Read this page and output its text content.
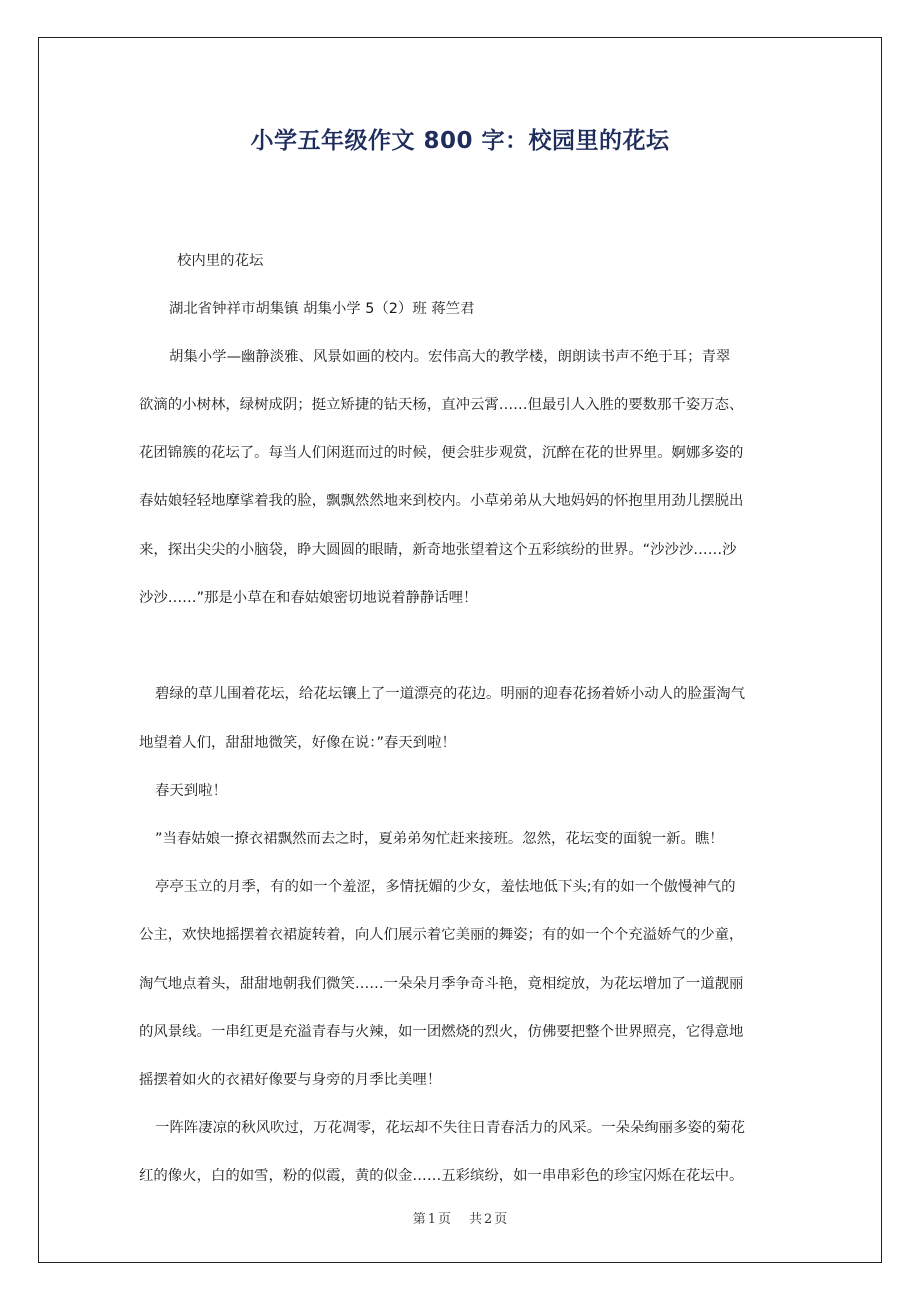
小学五年级作文 800 字：校园里的花坛
校内里的花坛
湖北省钟祥市胡集镇 胡集小学 5（2）班 蒋竺君
胡集小学—幽静淡雅、风景如画的校内。宏伟高大的教学楼，朗朗读书声不绝于耳；青翠
欲滴的小树林，绿树成阴；挺立矫捷的钻天杨，直冲云霄……但最引人入胜的要数那千姿万态、
花团锦簇的花坛了。每当人们闲逛而过的时候，便会驻步观赏，沉醉在花的世界里。婀娜多姿的
春姑娘轻轻地摩挲着我的脸，飘飘然然地来到校内。小草弟弟从大地妈妈的怀抱里用劲儿摆脱出
来，探出尖尖的小脑袋，睁大圆圆的眼睛，新奇地张望着这个五彩缤纷的世界。“沙沙沙……沙
沙沙……”那是小草在和春姑娘密切地说着静静话哩！
碧绿的草儿围着花坛，给花坛镶上了一道漂亮的花边。明丽的迎春花扬着娇小动人的脸蛋淘气
地望着人们，甜甜地微笑，好像在说：”春天到啦！
春天到啦！
”当春姑娘一撩衣裙飘然而去之时，夏弟弟匆忙赶来接班。忽然，花坛变的面貌一新。瞧！
亭亭玉立的月季，有的如一个羞涩，多情抚媚的少女，羞怯地低下头;有的如一个傲慢神气的
公主，欢快地摇摆着衣裙旋转着，向人们展示着它美丽的舞姿；有的如一个个充溢娇气的少童，
淘气地点着头，甜甜地朝我们微笑……一朵朵月季争奇斗艳，竟相绽放，为花坛增加了一道靓丽
的风景线。一串红更是充溢青春与火辣，如一团燃烧的烈火，仿佛要把整个世界照亮，它得意地
摇摆着如火的衣裙好像要与身旁的月季比美哩！
一阵阵凄凉的秋风吹过，万花凋零，花坛却不失往日青春活力的风采。一朵朵绚丽多姿的菊花
红的像火，白的如雪，粉的似霞，黄的似金……五彩缤纷，如一串串彩色的珍宝闪烁在花坛中。
第 1 页 共 2 页
